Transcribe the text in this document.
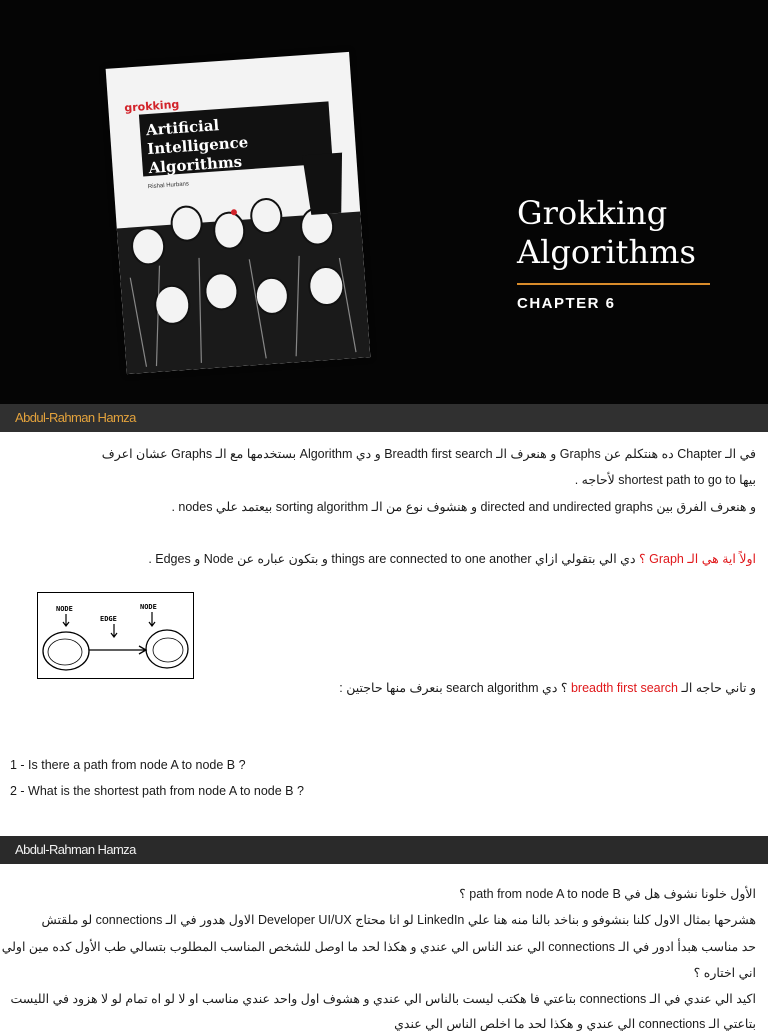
grokking
Artificial Intelligence
Algorithms
Rishal Hurbans
Grokking
Algorithms
CHAPTER 6
Abdul-Rahman Hamza
في الـ Chapter ده هنتكلم عن Graphs و هنعرف الـ Breadth first search و دي Algorithm بستخدمها مع الـ Graphs عشان اعرف
بيها shortest path to go to لأحاجه .
و هنعرف الفرق بين directed and undirected graphs و هنشوف نوع من الـ sorting algorithm بيعتمد علي nodes .
اولاً اية هي الـ Graph ؟ دي الي بتقولي ازاي things are connected to one another و بتكون عباره عن Node و Edges .
NODE
EDGE
NODE
و تاني حاجه الـ breadth first search ؟ دي search algorithm بنعرف منها حاجتين :
1 - Is there a path from node A to node B ?
2 - What is the shortest path from node A to node B ?
Abdul-Rahman Hamza
الأول خلونا نشوف هل في path from node A to node B ؟
هشرحها بمثال الاول كلنا بنشوفو و بناخد بالنا منه هنا علي LinkedIn لو انا محتاج Developer UI/UX الاول هدور في الـ connections لو ملقتش
حد مناسب هبدأ ادور في الـ connections الي عند الناس الي عندي و هكذا لحد ما اوصل للشخص المناسب المطلوب بتسالي طب الأول كده مين اولي
اني اختاره ؟
اكيد الي عندي في الـ connections بتاعتي فا هكتب ليست بالناس الي عندي و هشوف اول واحد عندي مناسب او لا لو اه تمام لو لا هزود في الليست
بتاعتي الـ connections الي عندي و هكذا لحد ما اخلص الناس الي عندي
